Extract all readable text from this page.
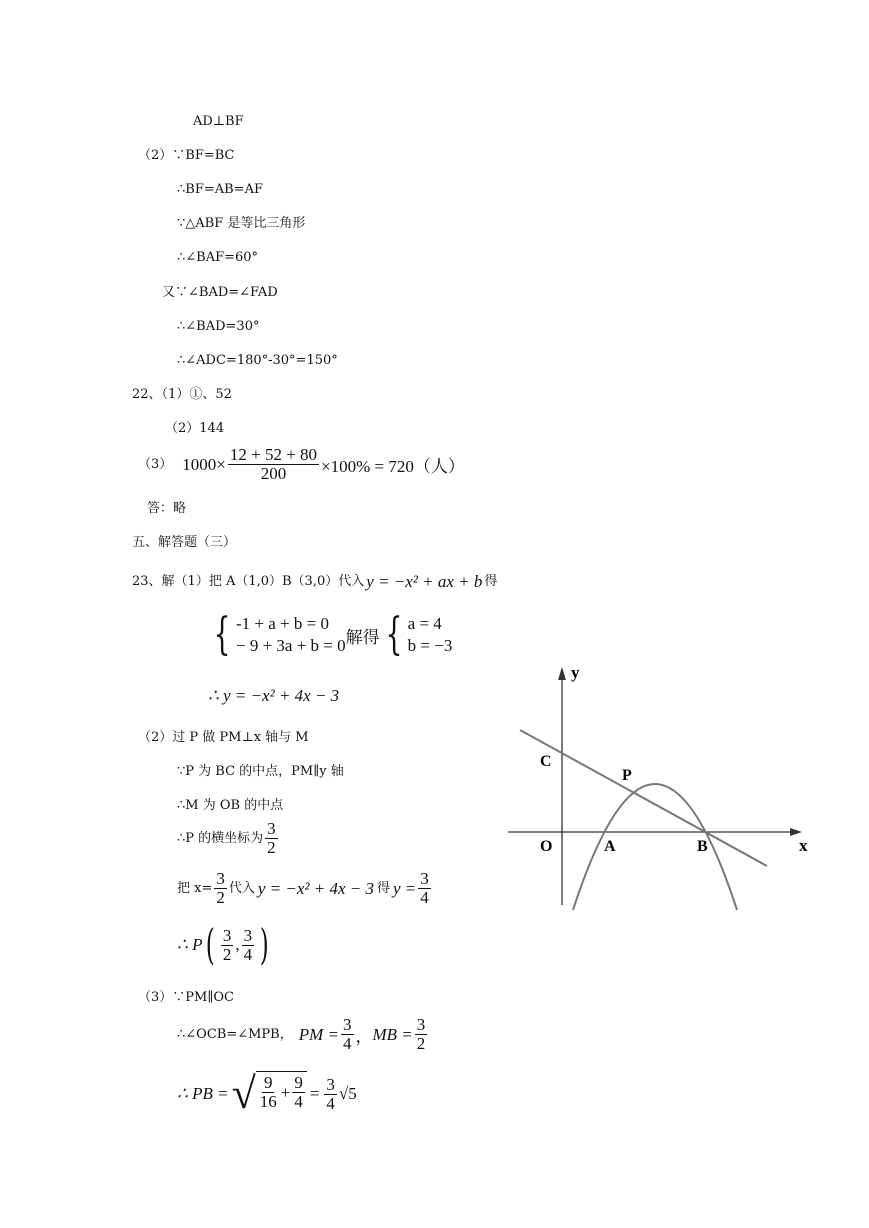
AD⊥BF
（2）∵BF=BC
∴BF=AB=AF
∵△ABF 是等比三角形
∴∠BAF=60°
又∵∠BAD=∠FAD
∴∠BAD=30°
∴∠ADC=180°-30°=150°
22、（1）①、52
（2）144
（3） $1000\times \frac{12 + 52 + 80}{200} \times 100\% = 720$（人）
答：略
五、解答题（三）
23、解（1）把 A（1,0）B（3,0）代入 y = −x² + ax + b 得
{ -1 + a + b = 0
− 9 + 3a + b = 0 解得 { a = 4
b = −3
∴ y = −x² + 4x − 3
（2）过 P 做 PM⊥x 轴与 M
∵P 为 BC 的中点，PM∥y 轴
∴M 为 OB 的中点
∴P 的横坐标为 $\frac{3}{2}$
把 $x= \frac{3}{2}$ 代入 y = −x² + 4x − 3 得 $y = \frac{3}{4}$
∴ P ( $\frac{3}{2}$ , $\frac{3}{4}$ )
（3）∵PM∥OC
∴∠OCB=∠MPB， PM = $\frac{3}{4}$ ， MB = $\frac{3}{2}$
∴ PB = √ $\frac{9}{16} + \frac{9}{4} = \frac{3}{4} √5$
y
x
O	A	B
C
P
